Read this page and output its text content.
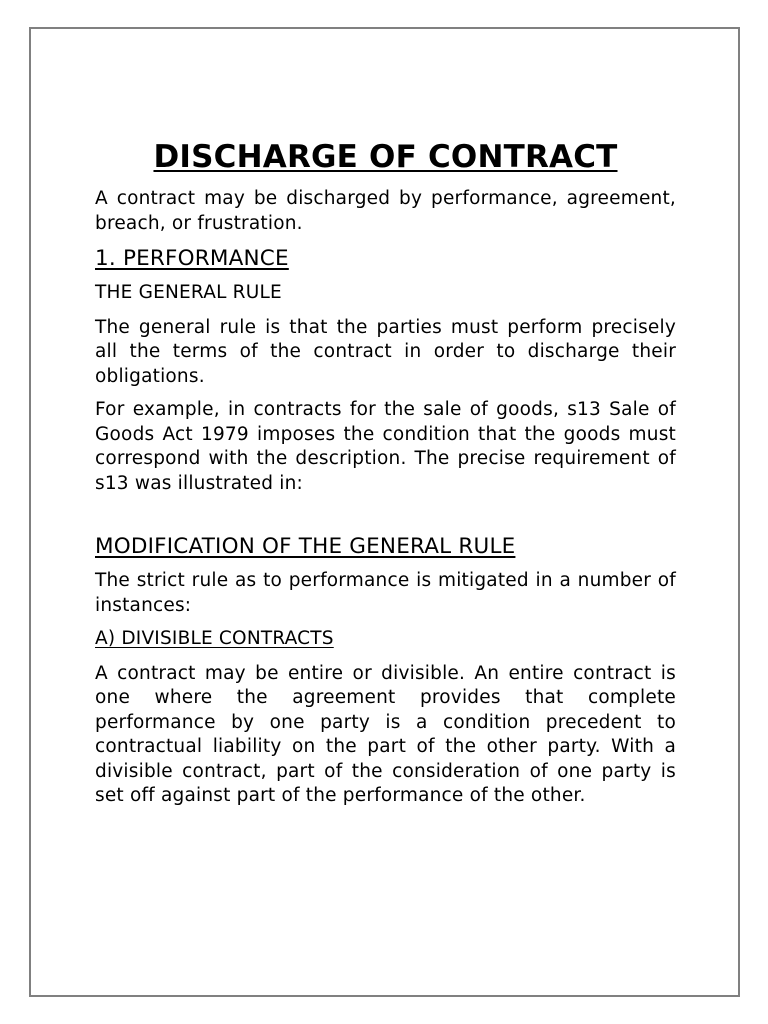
DISCHARGE OF CONTRACT

A contract may be discharged by performance, agreement, breach, or frustration.

1. PERFORMANCE
THE GENERAL RULE

The general rule is that the parties must perform precisely all the terms of the contract in order to discharge their obligations.

For example, in contracts for the sale of goods, s13 Sale of Goods Act 1979 imposes the condition that the goods must correspond with the description. The precise requirement of s13 was illustrated in:

MODIFICATION OF THE GENERAL RULE

The strict rule as to performance is mitigated in a number of instances:

A) DIVISIBLE CONTRACTS

A contract may be entire or divisible. An entire contract is one where the agreement provides that complete performance by one party is a condition precedent to contractual liability on the part of the other party. With a divisible contract, part of the consideration of one party is set off against part of the performance of the other.
